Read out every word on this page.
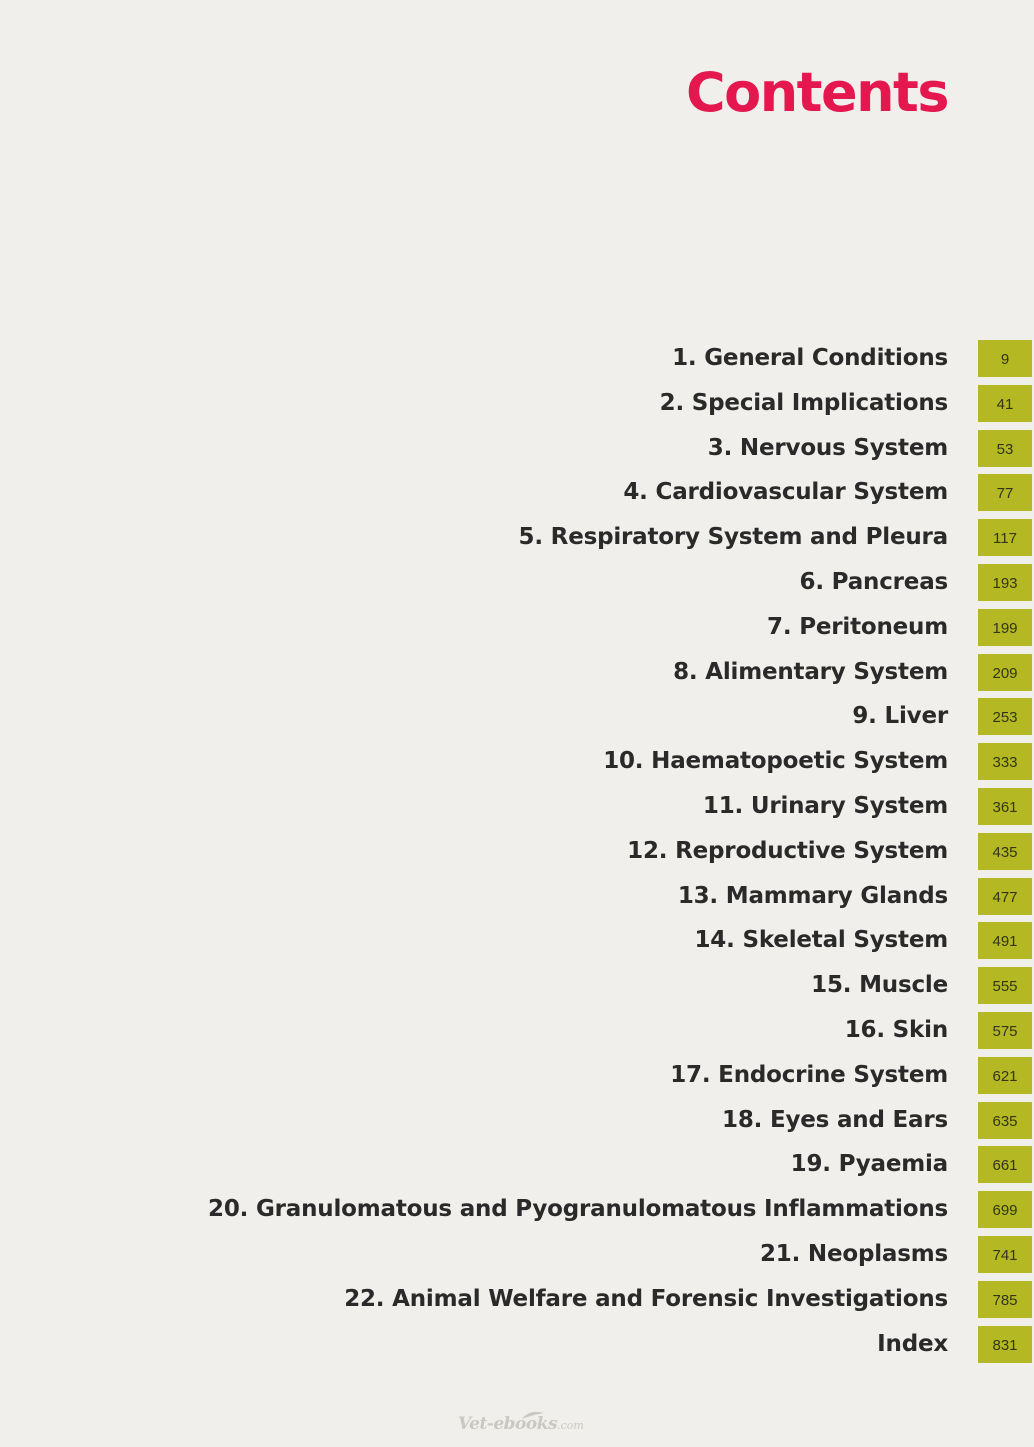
Contents
1. General Conditions	9
2. Special Implications	41
3. Nervous System	53
4. Cardiovascular System	77
5. Respiratory System and Pleura	117
6. Pancreas	193
7. Peritoneum	199
8. Alimentary System	209
9. Liver	253
10. Haematopoetic System	333
11. Urinary System	361
12. Reproductive System	435
13. Mammary Glands	477
14. Skeletal System	491
15. Muscle	555
16. Skin	575
17. Endocrine System	621
18. Eyes and Ears	635
19. Pyaemia	661
20. Granulomatous and Pyogranulomatous Inflammations	699
21. Neoplasms	741
22. Animal Welfare and Forensic Investigations	785
Index	831
Vet-ebooks.com
